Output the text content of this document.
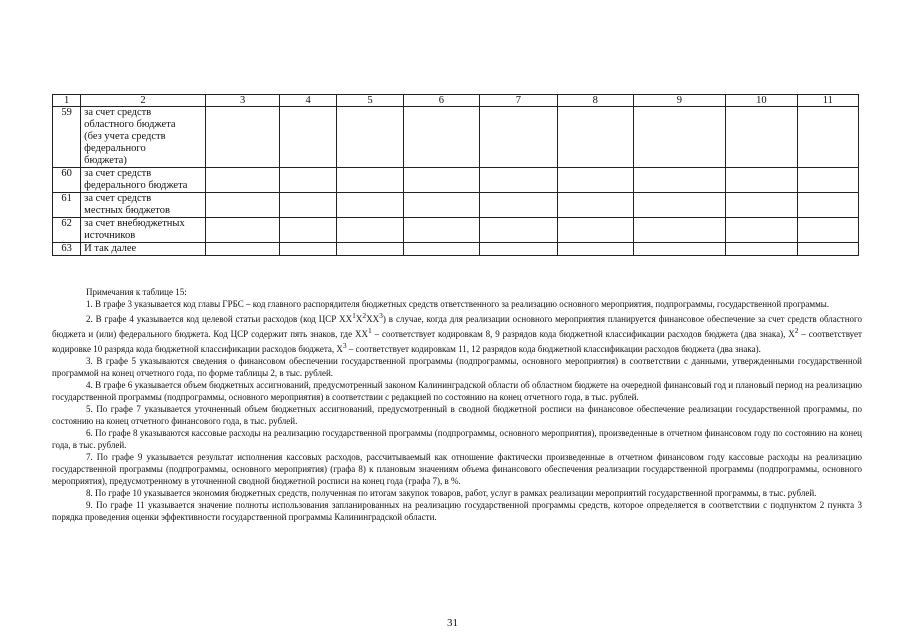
1	2	3	4	5	6	7	8	9	10	11
59	за счет средств
областного бюджета
(без учета средств
федерального
бюджета)									

60	за счет средств
федерального бюджета									

61	за счет средств
местных бюджетов									

62	за счет внебюджетных
источников									

63	И так далее									

Примечания к таблице 15:

1. В графе 3 указывается код главы ГРБС – код главного распорядителя бюджетных средств ответственного за реализацию основного мероприятия, подпрограммы, государственной программы.

2. В графе 4 указывается код целевой статьи расходов (код ЦСР $XX^1X^2XX^3$) в случае, когда для реализации основного мероприятия планируется финансовое обеспечение за счет средств областного бюджета и (или) федерального бюджета. Код ЦСР содержит пять знаков, где $XX^1$ – соответствует кодировкам 8, 9 разрядов кода бюджетной классификации расходов бюджета (два знака), $X^2$ – соответствует кодировке 10 разряда кода бюджетной классификации расходов бюджета, $X^3$ – соответствует кодировкам 11, 12 разрядов кода бюджетной классификации расходов бюджета (два знака).

3. В графе 5 указываются сведения о финансовом обеспечении государственной программы (подпрограммы, основного мероприятия) в соответствии с данными, утвержденными государственной программой на конец отчетного года, по форме таблицы 2, в тыс. рублей.

4. В графе 6 указывается объем бюджетных ассигнований, предусмотренный законом Калининградской области об областном бюджете на очередной финансовый год и плановый период на реализацию государственной программы (подпрограммы, основного мероприятия) в соответствии с редакцией по состоянию на конец отчетного года, в тыс. рублей.

5. По графе 7 указывается уточненный объем бюджетных ассигнований, предусмотренный в сводной бюджетной росписи на финансовое обеспечение реализации государственной программы, по состоянию на конец отчетного финансового года, в тыс. рублей.

6. По графе 8 указываются кассовые расходы на реализацию государственной программы (подпрограммы, основного мероприятия), произведенные в отчетном финансовом году по состоянию на конец года, в тыс. рублей.

7. По графе 9 указывается результат исполнения кассовых расходов, рассчитываемый как отношение фактически произведенные в отчетном финансовом году кассовые расходы на реализацию государственной программы (подпрограммы, основного мероприятия) (графа 8) к плановым значениям объема финансового обеспечения реализации государственной программы (подпрограммы, основного мероприятия), предусмотренному в уточненной сводной бюджетной росписи на конец года (графа 7), в %.

8. По графе 10 указывается экономия бюджетных средств, полученная по итогам закупок товаров, работ, услуг в рамках реализации мероприятий государственной программы, в тыс. рублей.

9. По графе 11 указывается значение полноты использования запланированных на реализацию государственной программы средств, которое определяется в соответствии с подпунктом 2 пункта 3 порядка проведения оценки эффективности государственной программы Калининградской области.

31
